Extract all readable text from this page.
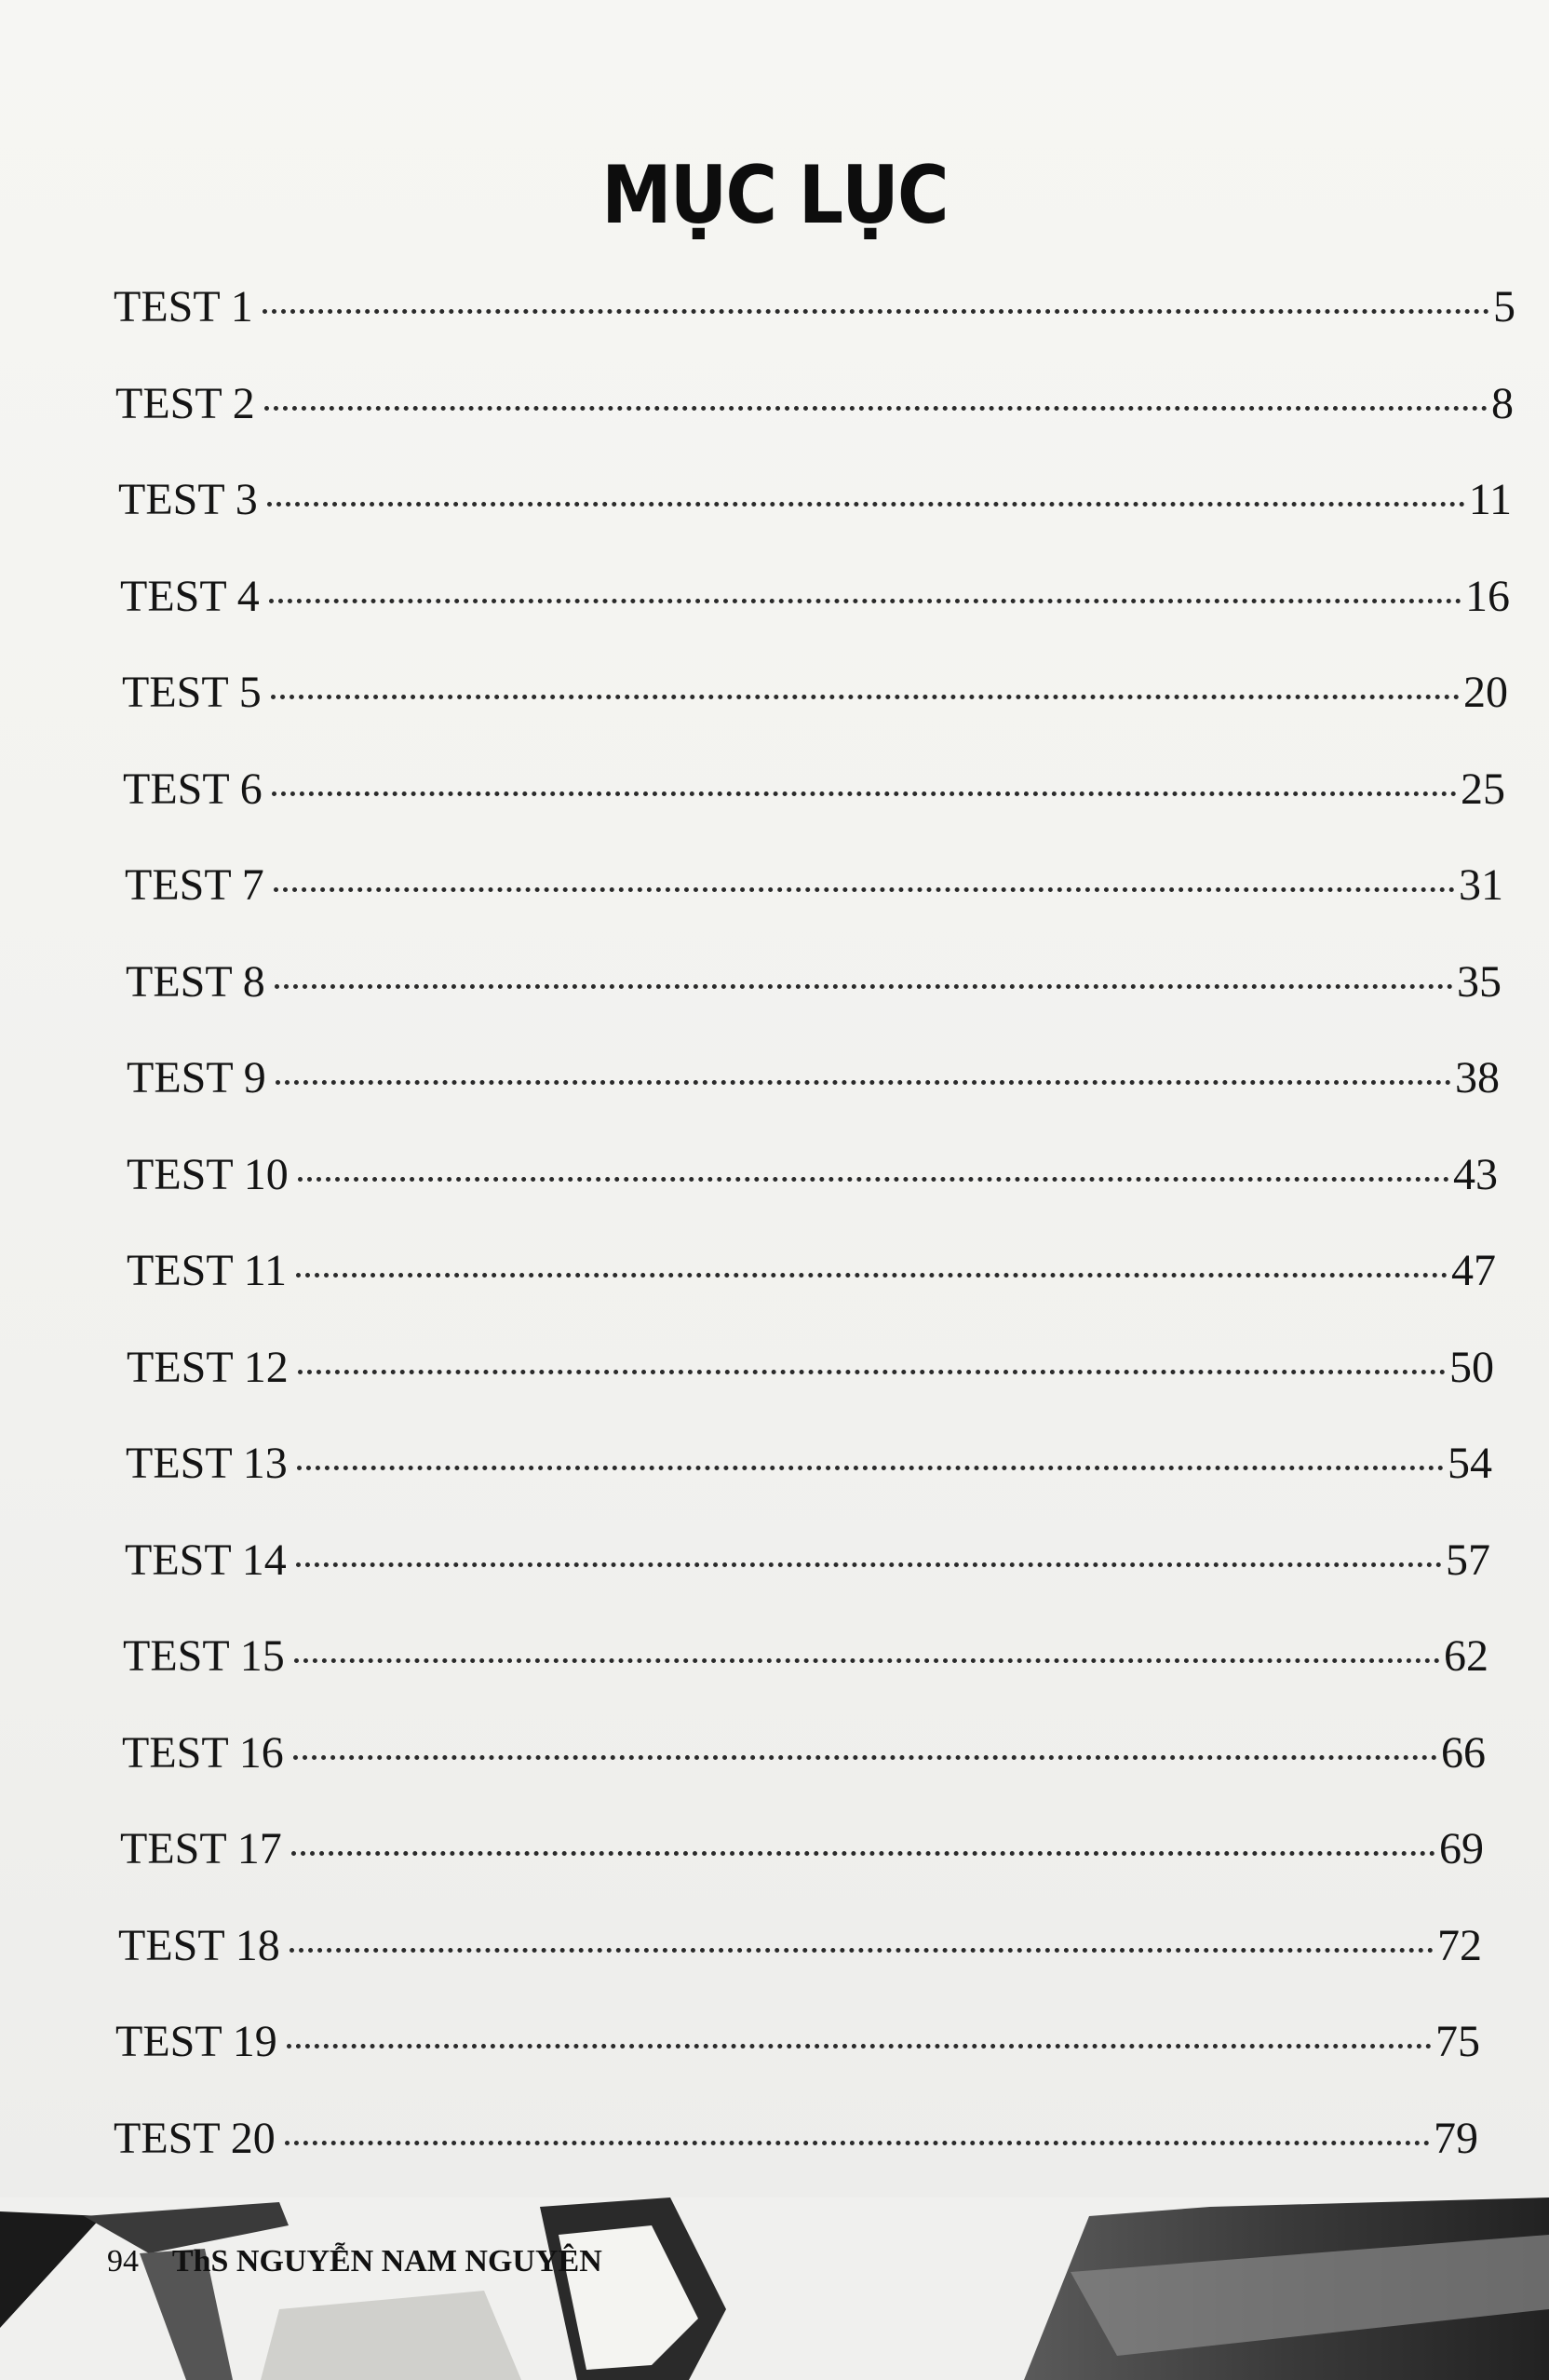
MỤC LỤC
TEST 1	5
TEST 2	8
TEST 3	11
TEST 4	16
TEST 5	20
TEST 6	25
TEST 7	31
TEST 8	35
TEST 9	38
TEST 10	43
TEST 11	47
TEST 12	50
TEST 13	54
TEST 14	57
TEST 15	62
TEST 16	66
TEST 17	69
TEST 18	72
TEST 19	75
TEST 20	79
94 ThS NGUYỄN NAM NGUYÊN
